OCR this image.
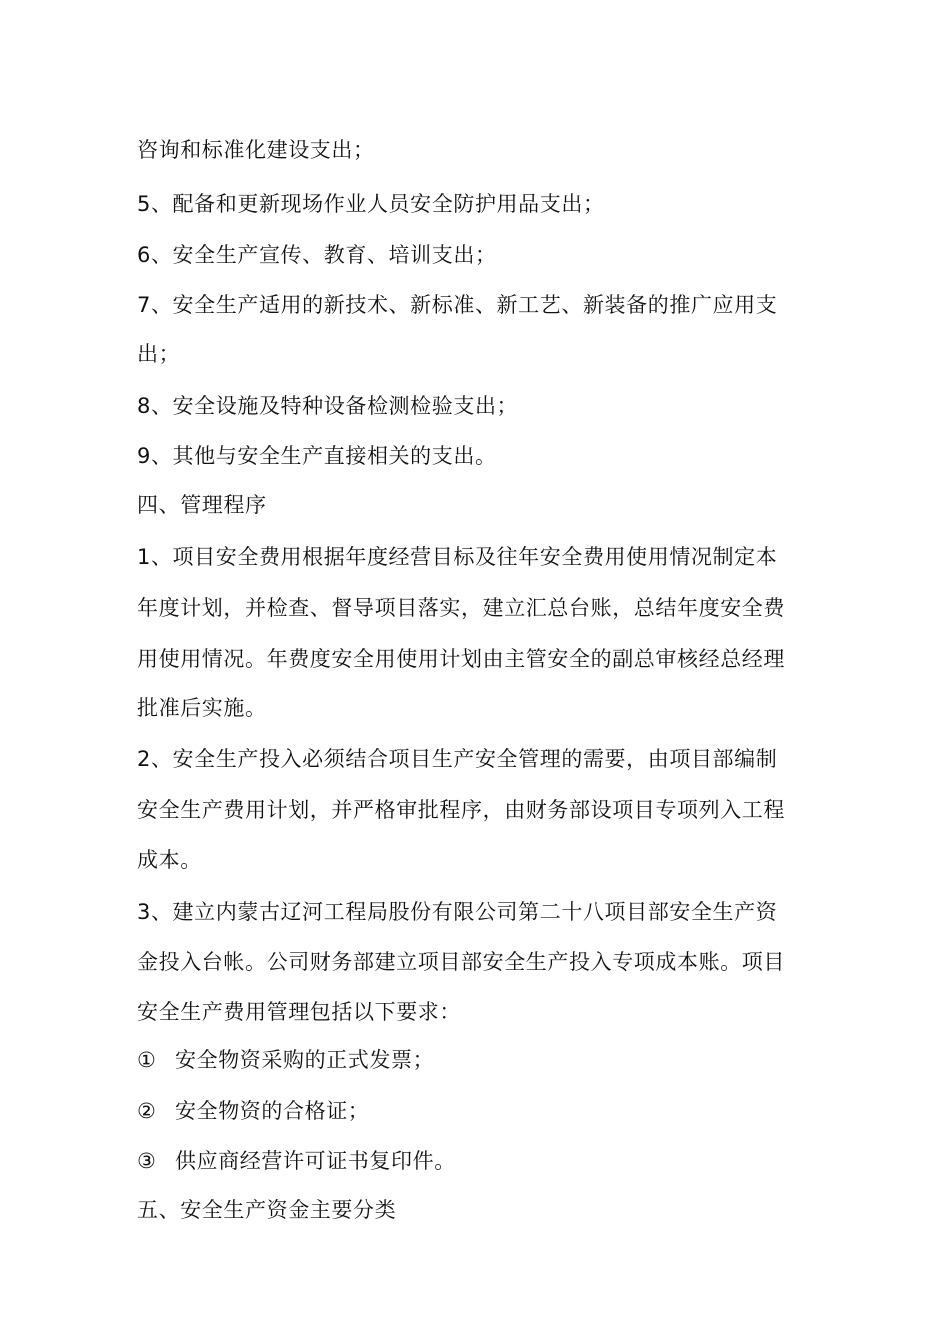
咨询和标准化建设支出；
5、配备和更新现场作业人员安全防护用品支出；
6、安全生产宣传、教育、培训支出；
7、安全生产适用的新技术、新标准、新工艺、新装备的推广应用支
出；
8、安全设施及特种设备检测检验支出；
9、其他与安全生产直接相关的支出。
四、管理程序
1、项目安全费用根据年度经营目标及往年安全费用使用情况制定本
年度计划，并检查、督导项目落实，建立汇总台账，总结年度安全费
用使用情况。年费度安全用使用计划由主管安全的副总审核经总经理
批准后实施。
2、安全生产投入必须结合项目生产安全管理的需要，由项目部编制
安全生产费用计划，并严格审批程序，由财务部设项目专项列入工程
成本。
3、建立内蒙古辽河工程局股份有限公司第二十八项目部安全生产资
金投入台帐。公司财务部建立项目部安全生产投入专项成本账。项目
安全生产费用管理包括以下要求：
① 安全物资采购的正式发票；
② 安全物资的合格证；
③ 供应商经营许可证书复印件。
五、安全生产资金主要分类
